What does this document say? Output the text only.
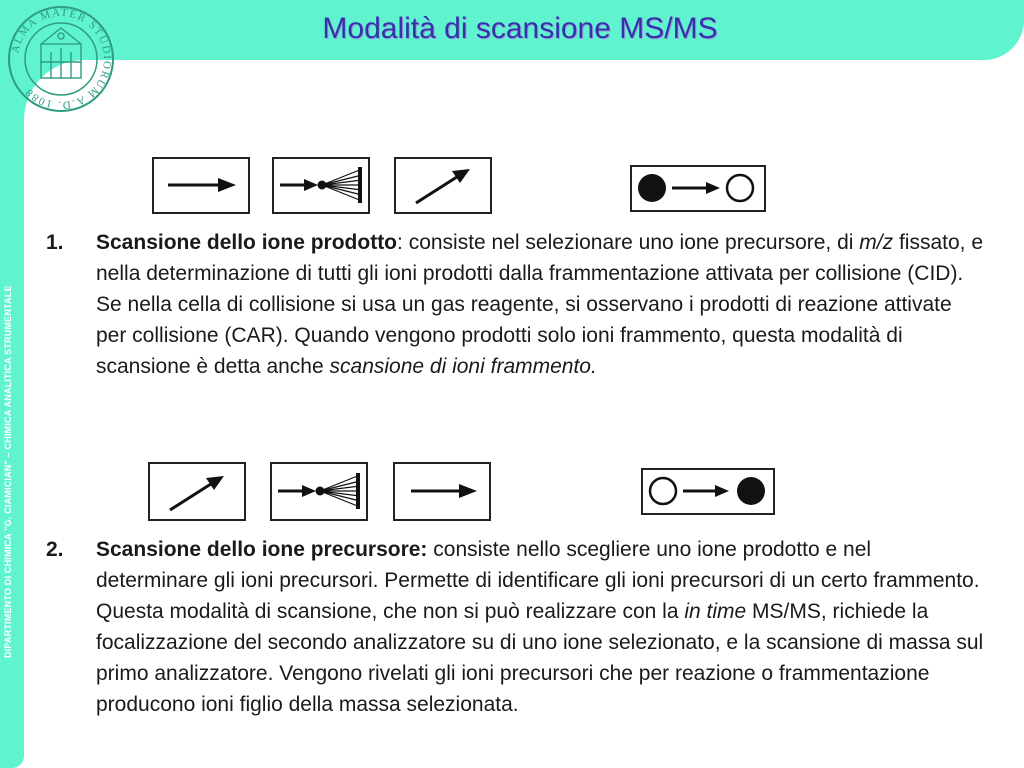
ALMA MATER STUDIORUM A.D. 1088
Modalità di scansione MS/MS
DIPARTIMENTO DI CHIMICA "G. CIAMICIAN" – CHIMICA ANALITICA STRUMENTALE
1. Scansione dello ione prodotto: consiste nel selezionare uno ione precursore, di m/z fissato, e nella determinazione di tutti gli ioni prodotti dalla frammentazione attivata per collisione (CID).
Se nella cella di collisione si usa un gas reagente, si osservano i prodotti di reazione attivate per collisione (CAR). Quando vengono prodotti solo ioni frammento, questa modalità di scansione è detta anche scansione di ioni frammento.
2. Scansione dello ione precursore: consiste nello scegliere uno ione prodotto e nel determinare gli ioni precursori. Permette di identificare gli ioni precursori di un certo frammento. Questa modalità di scansione, che non si può realizzare con la in time MS/MS, richiede la focalizzazione del secondo analizzatore su di uno ione selezionato, e la scansione di massa sul primo analizzatore. Vengono rivelati gli ioni precursori che per reazione o frammentazione producono ioni figlio della massa selezionata.
